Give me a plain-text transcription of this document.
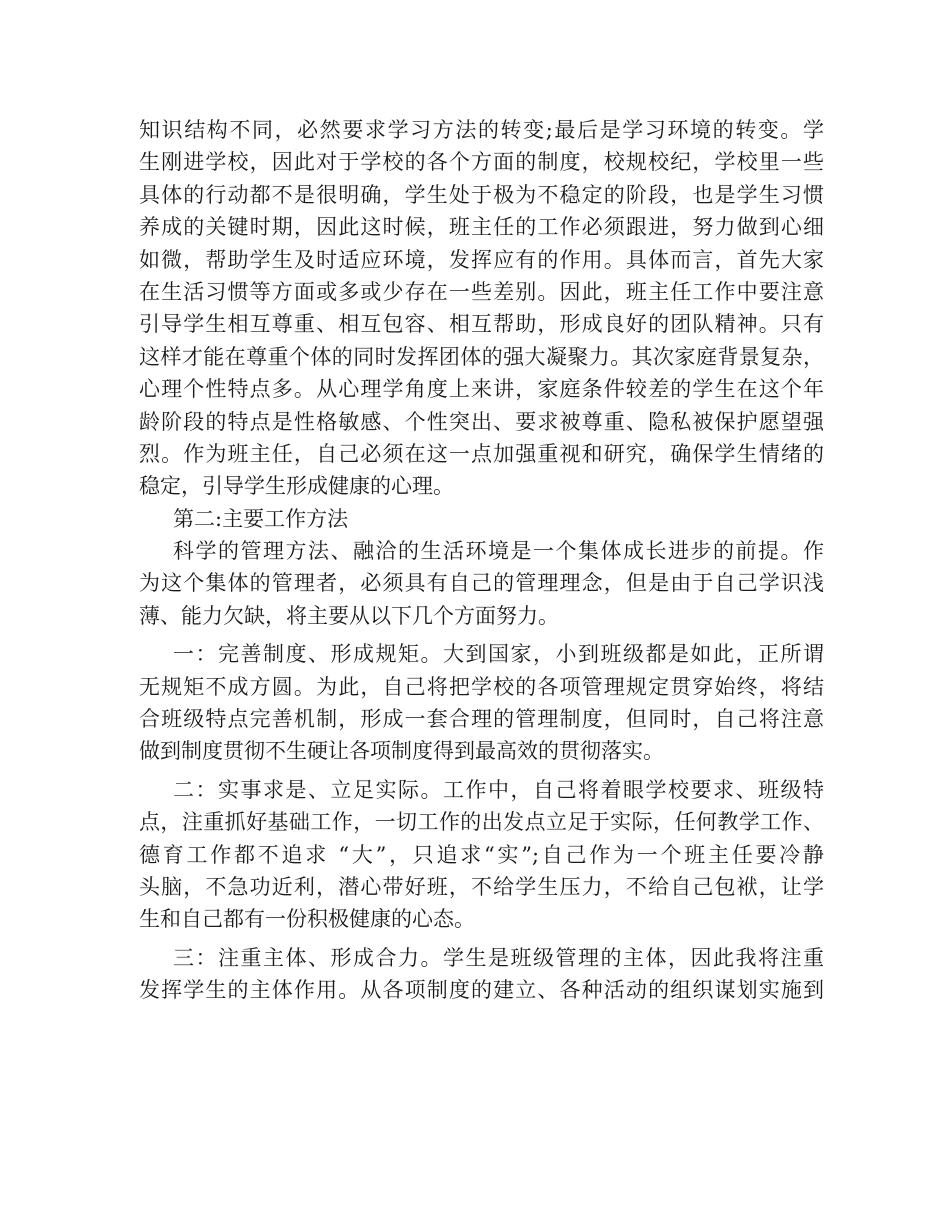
知识结构不同，必然要求学习方法的转变;最后是学习环境的转变。学
生刚进学校，因此对于学校的各个方面的制度，校规校纪，学校里一些
具体的行动都不是很明确，学生处于极为不稳定的阶段，也是学生习惯
养成的关键时期，因此这时候，班主任的工作必须跟进，努力做到心细
如微，帮助学生及时适应环境，发挥应有的作用。具体而言，首先大家
在生活习惯等方面或多或少存在一些差别。因此，班主任工作中要注意
引导学生相互尊重、相互包容、相互帮助，形成良好的团队精神。只有
这样才能在尊重个体的同时发挥团体的强大凝聚力。其次家庭背景复杂，
心理个性特点多。从心理学角度上来讲，家庭条件较差的学生在这个年
龄阶段的特点是性格敏感、个性突出、要求被尊重、隐私被保护愿望强
烈。作为班主任，自己必须在这一点加强重视和研究，确保学生情绪的
稳定，引导学生形成健康的心理。
第二:主要工作方法
科学的管理方法、融洽的生活环境是一个集体成长进步的前提。作
为这个集体的管理者，必须具有自己的管理理念，但是由于自己学识浅
薄、能力欠缺，将主要从以下几个方面努力。
一：完善制度、形成规矩。大到国家，小到班级都是如此，正所谓
无规矩不成方圆。为此，自己将把学校的各项管理规定贯穿始终，将结
合班级特点完善机制，形成一套合理的管理制度，但同时，自己将注意
做到制度贯彻不生硬让各项制度得到最高效的贯彻落实。
二：实事求是、立足实际。工作中，自己将着眼学校要求、班级特
点，注重抓好基础工作，一切工作的出发点立足于实际，任何教学工作、
德育工作都不追求 “大”，只追求“实”;自己作为一个班主任要冷静
头脑，不急功近利，潜心带好班，不给学生压力，不给自己包袱，让学
生和自己都有一份积极健康的心态。
三：注重主体、形成合力。学生是班级管理的主体，因此我将注重
发挥学生的主体作用。从各项制度的建立、各种活动的组织谋划实施到
